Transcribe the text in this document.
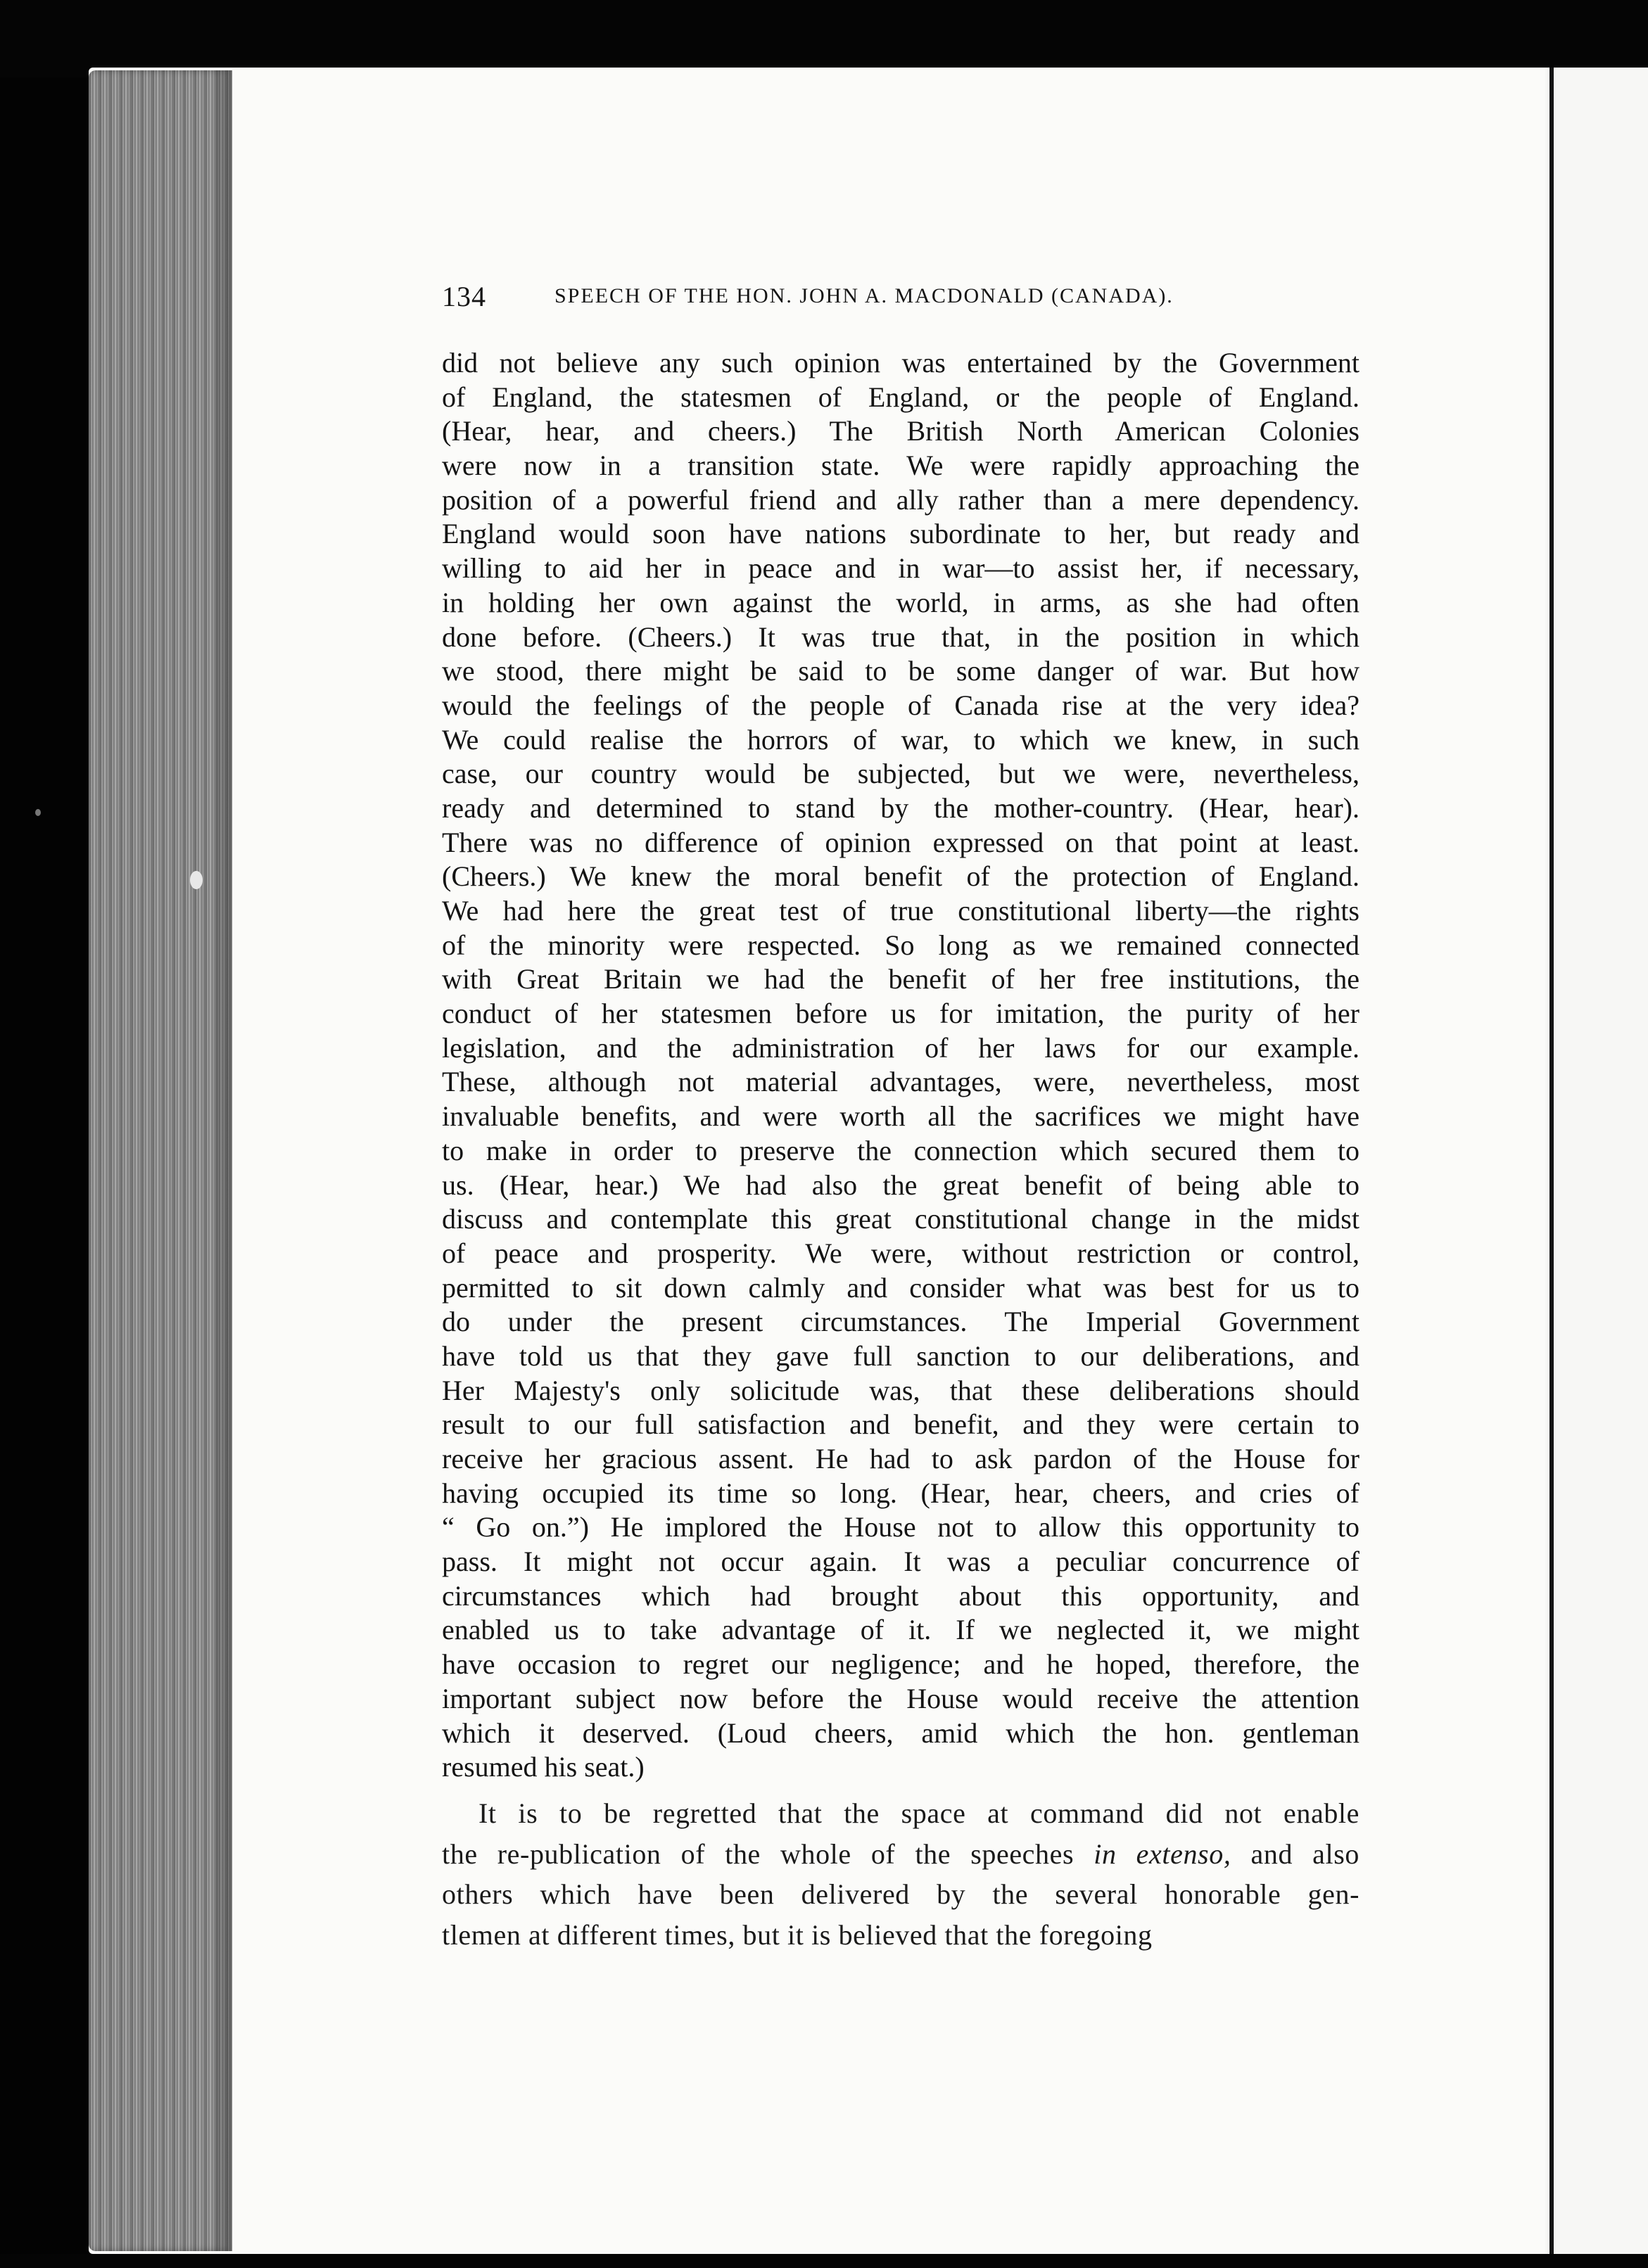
134	SPEECH OF THE HON. JOHN A. MACDONALD (CANADA).
did not believe any such opinion was entertained by the Government
of England, the statesmen of England, or the people of England.
(Hear, hear, and cheers.) The British North American Colonies
were now in a transition state. We were rapidly approaching the
position of a powerful friend and ally rather than a mere dependency.
England would soon have nations subordinate to her, but ready and
willing to aid her in peace and in war—to assist her, if necessary,
in holding her own against the world, in arms, as she had often
done before. (Cheers.) It was true that, in the position in which
we stood, there might be said to be some danger of war. But how
would the feelings of the people of Canada rise at the very idea?
We could realise the horrors of war, to which we knew, in such
case, our country would be subjected, but we were, nevertheless,
ready and determined to stand by the mother-country. (Hear, hear).
There was no difference of opinion expressed on that point at least.
(Cheers.) We knew the moral benefit of the protection of England.
We had here the great test of true constitutional liberty—the rights
of the minority were respected. So long as we remained connected
with Great Britain we had the benefit of her free institutions, the
conduct of her statesmen before us for imitation, the purity of her
legislation, and the administration of her laws for our example.
These, although not material advantages, were, nevertheless, most
invaluable benefits, and were worth all the sacrifices we might have
to make in order to preserve the connection which secured them to
us. (Hear, hear.) We had also the great benefit of being able to
discuss and contemplate this great constitutional change in the midst
of peace and prosperity. We were, without restriction or control,
permitted to sit down calmly and consider what was best for us to
do under the present circumstances. The Imperial Government
have told us that they gave full sanction to our deliberations, and
Her Majesty's only solicitude was, that these deliberations should
result to our full satisfaction and benefit, and they were certain to
receive her gracious assent. He had to ask pardon of the House for
having occupied its time so long. (Hear, hear, cheers, and cries of
“ Go on.”) He implored the House not to allow this opportunity to
pass. It might not occur again. It was a peculiar concurrence of
circumstances which had brought about this opportunity, and
enabled us to take advantage of it. If we neglected it, we might
have occasion to regret our negligence; and he hoped, therefore, the
important subject now before the House would receive the attention
which it deserved. (Loud cheers, amid which the hon. gentleman
resumed his seat.)
It is to be regretted that the space at command did not enable
the re-publication of the whole of the speeches in extenso, and also
others which have been delivered by the several honorable gen-
tlemen at different times, but it is believed that the foregoing
